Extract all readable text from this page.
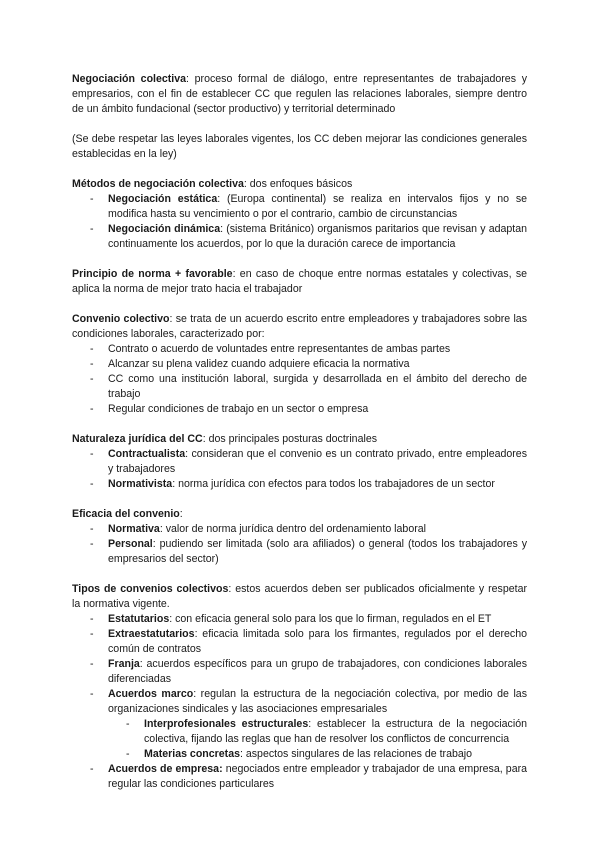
Negociación colectiva: proceso formal de diálogo, entre representantes de trabajadores y empresarios, con el fin de establecer CC que regulen las relaciones laborales, siempre dentro de un ámbito fundacional (sector productivo) y territorial determinado

(Se debe respetar las leyes laborales vigentes, los CC deben mejorar las condiciones generales establecidas en la ley)

Métodos de negociación colectiva: dos enfoques básicos

- Negociación estática: (Europa continental) se realiza en intervalos fijos y no se modifica hasta su vencimiento o por el contrario, cambio de circunstancias
- Negociación dinámica: (sistema Británico) organismos paritarios que revisan y adaptan continuamente los acuerdos, por lo que la duración carece de importancia

Principio de norma + favorable: en caso de choque entre normas estatales y colectivas, se aplica la norma de mejor trato hacia el trabajador

Convenio colectivo: se trata de un acuerdo escrito entre empleadores y trabajadores sobre las condiciones laborales, caracterizado por:

- Contrato o acuerdo de voluntades entre representantes de ambas partes
- Alcanzar su plena validez cuando adquiere eficacia la normativa
- CC como una institución laboral, surgida y desarrollada en el ámbito del derecho de trabajo
- Regular condiciones de trabajo en un sector o empresa

Naturaleza jurídica del CC: dos principales posturas doctrinales

- Contractualista: consideran que el convenio es un contrato privado, entre empleadores y trabajadores
- Normativista: norma jurídica con efectos para todos los trabajadores de un sector

Eficacia del convenio:

- Normativa: valor de norma jurídica dentro del ordenamiento laboral
- Personal: pudiendo ser limitada (solo ara afiliados) o general (todos los trabajadores y empresarios del sector)

Tipos de convenios colectivos: estos acuerdos deben ser publicados oficialmente y respetar la normativa vigente.

- Estatutarios: con eficacia general solo para los que lo firman, regulados en el ET
- Extraestatutarios: eficacia limitada solo para los firmantes, regulados por el derecho común de contratos
- Franja: acuerdos específicos para un grupo de trabajadores, con condiciones laborales diferenciadas
- Acuerdos marco: regulan la estructura de la negociación colectiva, por medio de las organizaciones sindicales y las asociaciones empresariales
- Interprofesionales estructurales: establecer la estructura de la negociación colectiva, fijando las reglas que han de resolver los conflictos de concurrencia
- Materias concretas: aspectos singulares de las relaciones de trabajo
- Acuerdos de empresa: negociados entre empleador y trabajador de una empresa, para regular las condiciones particulares
